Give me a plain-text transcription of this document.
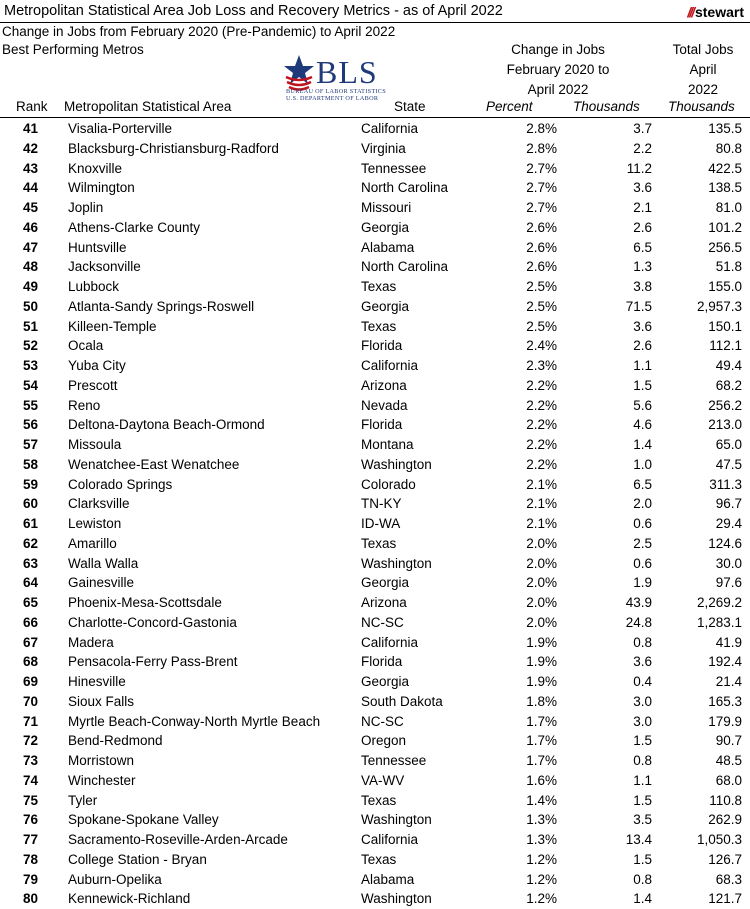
Metropolitan Statistical Area Job Loss and Recovery Metrics - as of April 2022	/// stewart
Change in Jobs from February 2020 (Pre-Pandemic) to April 2022
Best Performing Metros
BLS
BUREAU OF LABOR STATISTICS
U.S. DEPARTMENT OF LABOR
Change in Jobs
February 2020 to
April 2022
Total Jobs
April
2022
Rank Metropolitan Statistical Area	State	Percent	Thousands Thousands
41	Visalia-Porterville	California	2.8%	3.7	135.5
42	Blacksburg-Christiansburg-Radford	Virginia	2.8%	2.2	80.8
43	Knoxville	Tennessee	2.7%	11.2	422.5
44	Wilmington	North Carolina	2.7%	3.6	138.5
45	Joplin	Missouri	2.7%	2.1	81.0
46	Athens-Clarke County	Georgia	2.6%	2.6	101.2
47	Huntsville	Alabama	2.6%	6.5	256.5
48	Jacksonville	North Carolina	2.6%	1.3	51.8
49	Lubbock	Texas	2.5%	3.8	155.0
50	Atlanta-Sandy Springs-Roswell	Georgia	2.5%	71.5	2,957.3
51	Killeen-Temple	Texas	2.5%	3.6	150.1
52	Ocala	Florida	2.4%	2.6	112.1
53	Yuba City	California	2.3%	1.1	49.4
54	Prescott	Arizona	2.2%	1.5	68.2
55	Reno	Nevada	2.2%	5.6	256.2
56	Deltona-Daytona Beach-Ormond	Florida	2.2%	4.6	213.0
57	Missoula	Montana	2.2%	1.4	65.0
58	Wenatchee-East Wenatchee	Washington	2.2%	1.0	47.5
59	Colorado Springs	Colorado	2.1%	6.5	311.3
60	Clarksville	TN-KY	2.1%	2.0	96.7
61	Lewiston	ID-WA	2.1%	0.6	29.4
62	Amarillo	Texas	2.0%	2.5	124.6
63	Walla Walla	Washington	2.0%	0.6	30.0
64	Gainesville	Georgia	2.0%	1.9	97.6
65	Phoenix-Mesa-Scottsdale	Arizona	2.0%	43.9	2,269.2
66	Charlotte-Concord-Gastonia	NC-SC	2.0%	24.8	1,283.1
67	Madera	California	1.9%	0.8	41.9
68	Pensacola-Ferry Pass-Brent	Florida	1.9%	3.6	192.4
69	Hinesville	Georgia	1.9%	0.4	21.4
70	Sioux Falls	South Dakota	1.8%	3.0	165.3
71	Myrtle Beach-Conway-North Myrtle Beach	NC-SC	1.7%	3.0	179.9
72	Bend-Redmond	Oregon	1.7%	1.5	90.7
73	Morristown	Tennessee	1.7%	0.8	48.5
74	Winchester	VA-WV	1.6%	1.1	68.0
75	Tyler	Texas	1.4%	1.5	110.8
76	Spokane-Spokane Valley	Washington	1.3%	3.5	262.9
77	Sacramento-Roseville-Arden-Arcade	California	1.3%	13.4	1,050.3
78	College Station - Bryan	Texas	1.2%	1.5	126.7
79	Auburn-Opelika	Alabama	1.2%	0.8	68.3
80	Kennewick-Richland	Washington	1.2%	1.4	121.7
